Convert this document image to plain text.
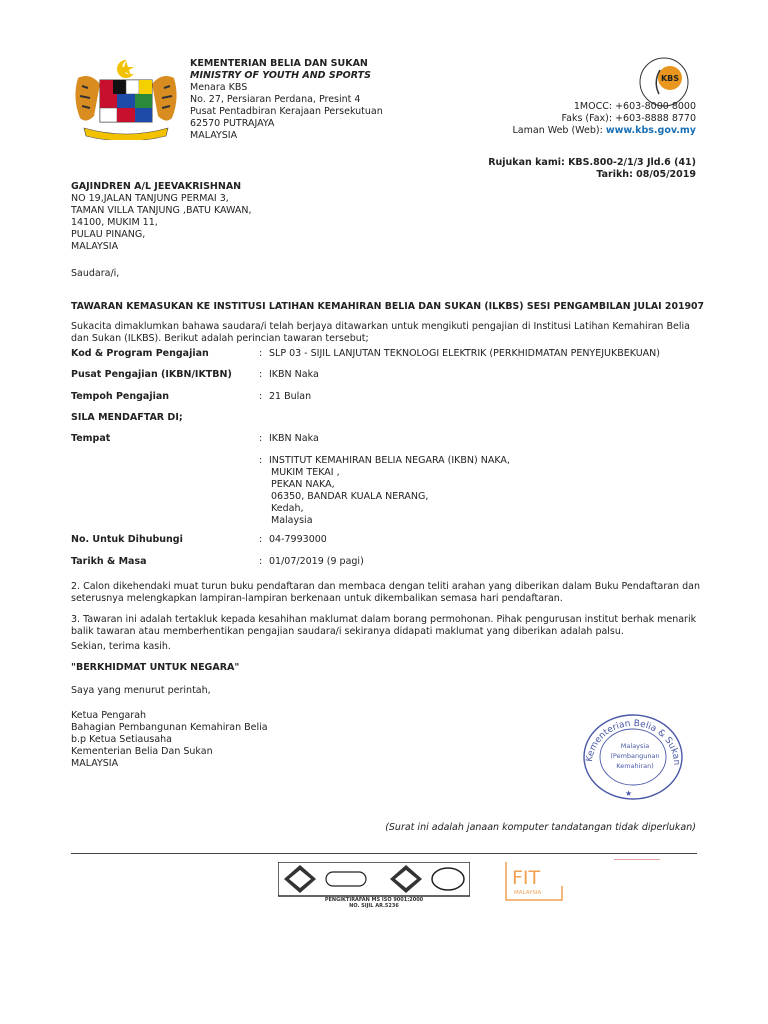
KEMENTERIAN BELIA DAN SUKAN
MINISTRY OF YOUTH AND SPORTS
Menara KBS
No. 27, Persiaran Perdana, Presint 4
Pusat Pentadbiran Kerajaan Persekutuan
62570 PUTRAJAYA
MALAYSIA
KBS
1MOCC: +603-8000 8000
Faks (Fax): +603-8888 8770
Laman Web (Web): www.kbs.gov.my
Rujukan kami: KBS.800-2/1/3 Jld.6 (41)
Tarikh: 08/05/2019
GAJINDREN A/L JEEVAKRISHNAN
NO 19,JALAN TANJUNG PERMAI 3,
TAMAN VILLA TANJUNG ,BATU KAWAN,
14100, MUKIM 11,
PULAU PINANG,
MALAYSIA
Saudara/i,
TAWARAN KEMASUKAN KE INSTITUSI LATIHAN KEMAHIRAN BELIA DAN SUKAN (ILKBS) SESI PENGAMBILAN JULAI 201907
Sukacita dimaklumkan bahawa saudara/i telah berjaya ditawarkan untuk mengikuti pengajian di Institusi Latihan Kemahiran Belia dan Sukan (ILKBS). Berikut adalah perincian tawaran tersebut;
Kod & Program Pengajian	: SLP 03 - SIJIL LANJUTAN TEKNOLOGI ELEKTRIK (PERKHIDMATAN PENYEJUKBEKUAN)
Pusat Pengajian (IKBN/IKTBN)	: IKBN Naka
Tempoh Pengajian	: 21 Bulan
SILA MENDAFTAR DI;
Tempat	: IKBN Naka
: INSTITUT KEMAHIRAN BELIA NEGARA (IKBN) NAKA,
MUKIM TEKAI ,
PEKAN NAKA,
06350, BANDAR KUALA NERANG,
Kedah,
Malaysia
No. Untuk Dihubungi	: 04-7993000
Tarikh & Masa	: 01/07/2019 (9 pagi)
2. Calon dikehendaki muat turun buku pendaftaran dan membaca dengan teliti arahan yang diberikan dalam Buku Pendaftaran dan seterusnya melengkapkan lampiran-lampiran berkenaan untuk dikembalikan semasa hari pendaftaran.
3. Tawaran ini adalah tertakluk kepada kesahihan maklumat dalam borang permohonan. Pihak pengurusan institut berhak menarik balik tawaran atau memberhentikan pengajian saudara/i sekiranya didapati maklumat yang diberikan adalah palsu.
Sekian, terima kasih.
"BERKHIDMAT UNTUK NEGARA"
Saya yang menurut perintah,
Ketua Pengarah
Bahagian Pembangunan Kemahiran Belia
b.p Ketua Setiausaha
Kementerian Belia Dan Sukan
MALAYSIA	Kementerian Belia & Sukan
Malaysia
(Pembangunan
Kemahiran)
★
(Surat ini adalah janaan komputer tandatangan tidak diperlukan)
PENGIKTIRAFAN MS ISO 9001:2000
NO. SIJIL AR.5236
FIT
MALAYSIA
